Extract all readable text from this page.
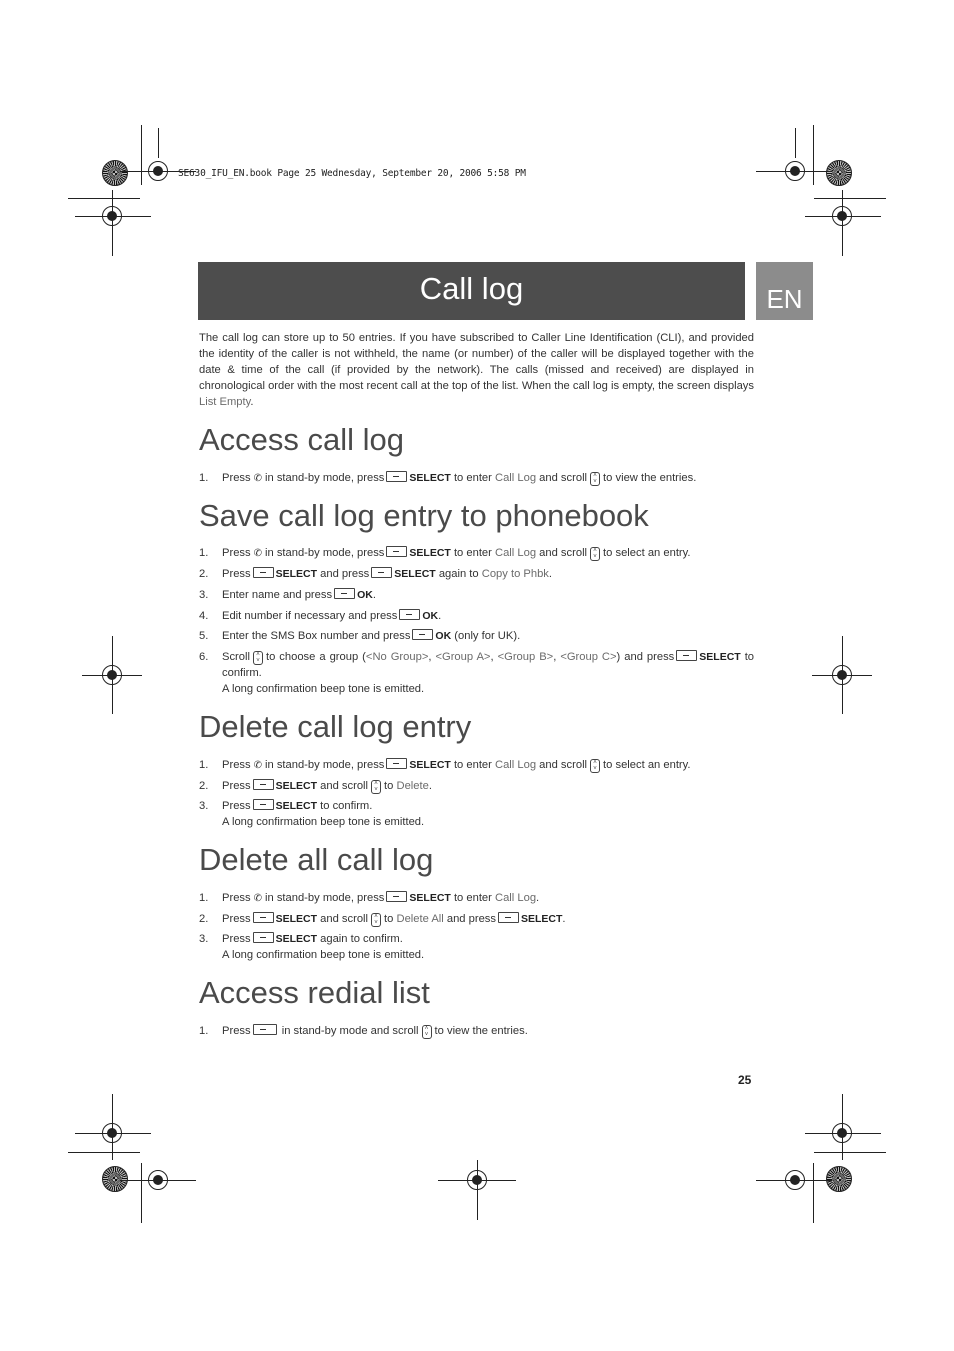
SE630_IFU_EN.book Page 25 Wednesday, September 20, 2006 5:58 PM
Call log	EN
The call log can store up to 50 entries. If you have subscribed to Caller Line Identification (CLI), and provided the identity of the caller is not withheld, the name (or number) of the caller will be displayed together with the date & time of the call (if provided by the network). The calls (missed and received) are displayed in chronological order with the most recent call at the top of the list. When the call log is empty, the screen displays List Empty.
Access call log
1. Press ✆ in stand-by mode, press SELECT to enter Call Log and scroll ˄
˅ to view the entries.
Save call log entry to phonebook
1. Press ✆ in stand-by mode, press SELECT to enter Call Log and scroll ˄
˅ to select an entry.
2. Press SELECT and press SELECT again to Copy to Phbk.
3. Enter name and press OK.
4. Edit number if necessary and press OK.
5. Enter the SMS Box number and press OK (only for UK).
6. Scroll ˄
˅ to choose a group (<No Group>, <Group A>, <Group B>, <Group C>) and press SELECT to confirm.
A long confirmation beep tone is emitted.
Delete call log entry
1. Press ✆ in stand-by mode, press SELECT to enter Call Log and scroll ˄
˅ to select an entry.
2. Press SELECT and scroll ˄
˅ to Delete.
3. Press SELECT to confirm.
A long confirmation beep tone is emitted.
Delete all call log
1. Press ✆ in stand-by mode, press SELECT to enter Call Log.
2. Press SELECT and scroll ˄
˅ to Delete All and press SELECT.
3. Press SELECT again to confirm.
A long confirmation beep tone is emitted.
Access redial list
1. Press	in stand-by mode and scroll ˄
˅ to view the entries.
25
